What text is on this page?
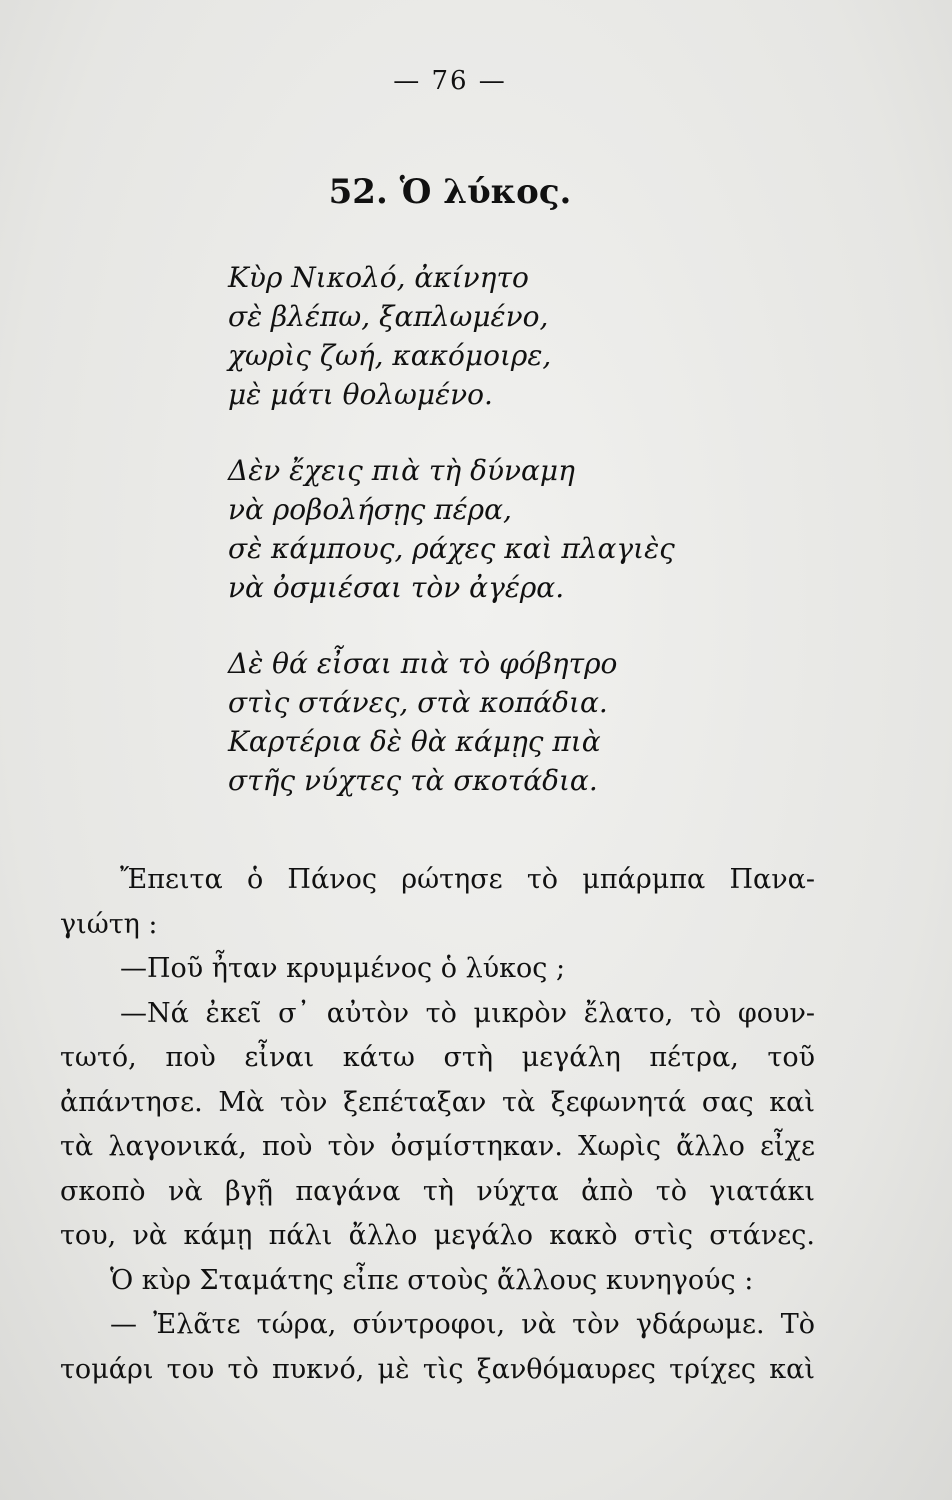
— 76 —
52. Ὁ λύκος.
Κὺρ Νικολό, ἀκίνητο
σὲ βλέπω, ξαπλωμένο,
χωρὶς ζωή, κακόμοιρε,
μὲ μάτι θολωμένο.
Δὲν ἔχεις πιὰ τὴ δύναμη
νὰ ροβολήσῃς πέρα,
σὲ κάμπους, ράχες καὶ πλαγιὲς
νὰ ὀσμιέσαι τὸν ἀγέρα.
Δὲ θά εἶσαι πιὰ τὸ φόβητρο
στὶς στάνες, στὰ κοπάδια.
Καρτέρια δὲ θὰ κάμῃς πιὰ
στῆς νύχτες τὰ σκοτάδια.

Ἔπειτα ὁ Πάνος ρώτησε τὸ μπάρμπα Πανα-

γιώτη :

—Ποῦ ἦταν κρυμμένος ὁ λύκος ;

—Νά ἐκεῖ σ᾽ αὐτὸν τὸ μικρὸν ἔλατο, τὸ φουν-

τωτό, ποὺ εἶναι κάτω στὴ μεγάλη πέτρα, τοῦ

ἀπάντησε. Μὰ τὸν ξεπέταξαν τὰ ξεφωνητά σας καὶ

τὰ λαγονικά, ποὺ τὸν ὀσμίστηκαν. Χωρὶς ἄλλο εἶχε

σκοπὸ νὰ βγῇ παγάνα τὴ νύχτα ἀπὸ τὸ γιατάκι

του, νὰ κάμῃ πάλι ἄλλο μεγάλο κακὸ στὶς στάνες.

Ὁ κὺρ Σταμάτης εἶπε στοὺς ἄλλους κυνηγούς :

— Ἐλᾶτε τώρα, σύντροφοι, νὰ τὸν γδάρωμε. Τὸ

τομάρι του τὸ πυκνό, μὲ τὶς ξανθόμαυρες τρίχες καὶ
